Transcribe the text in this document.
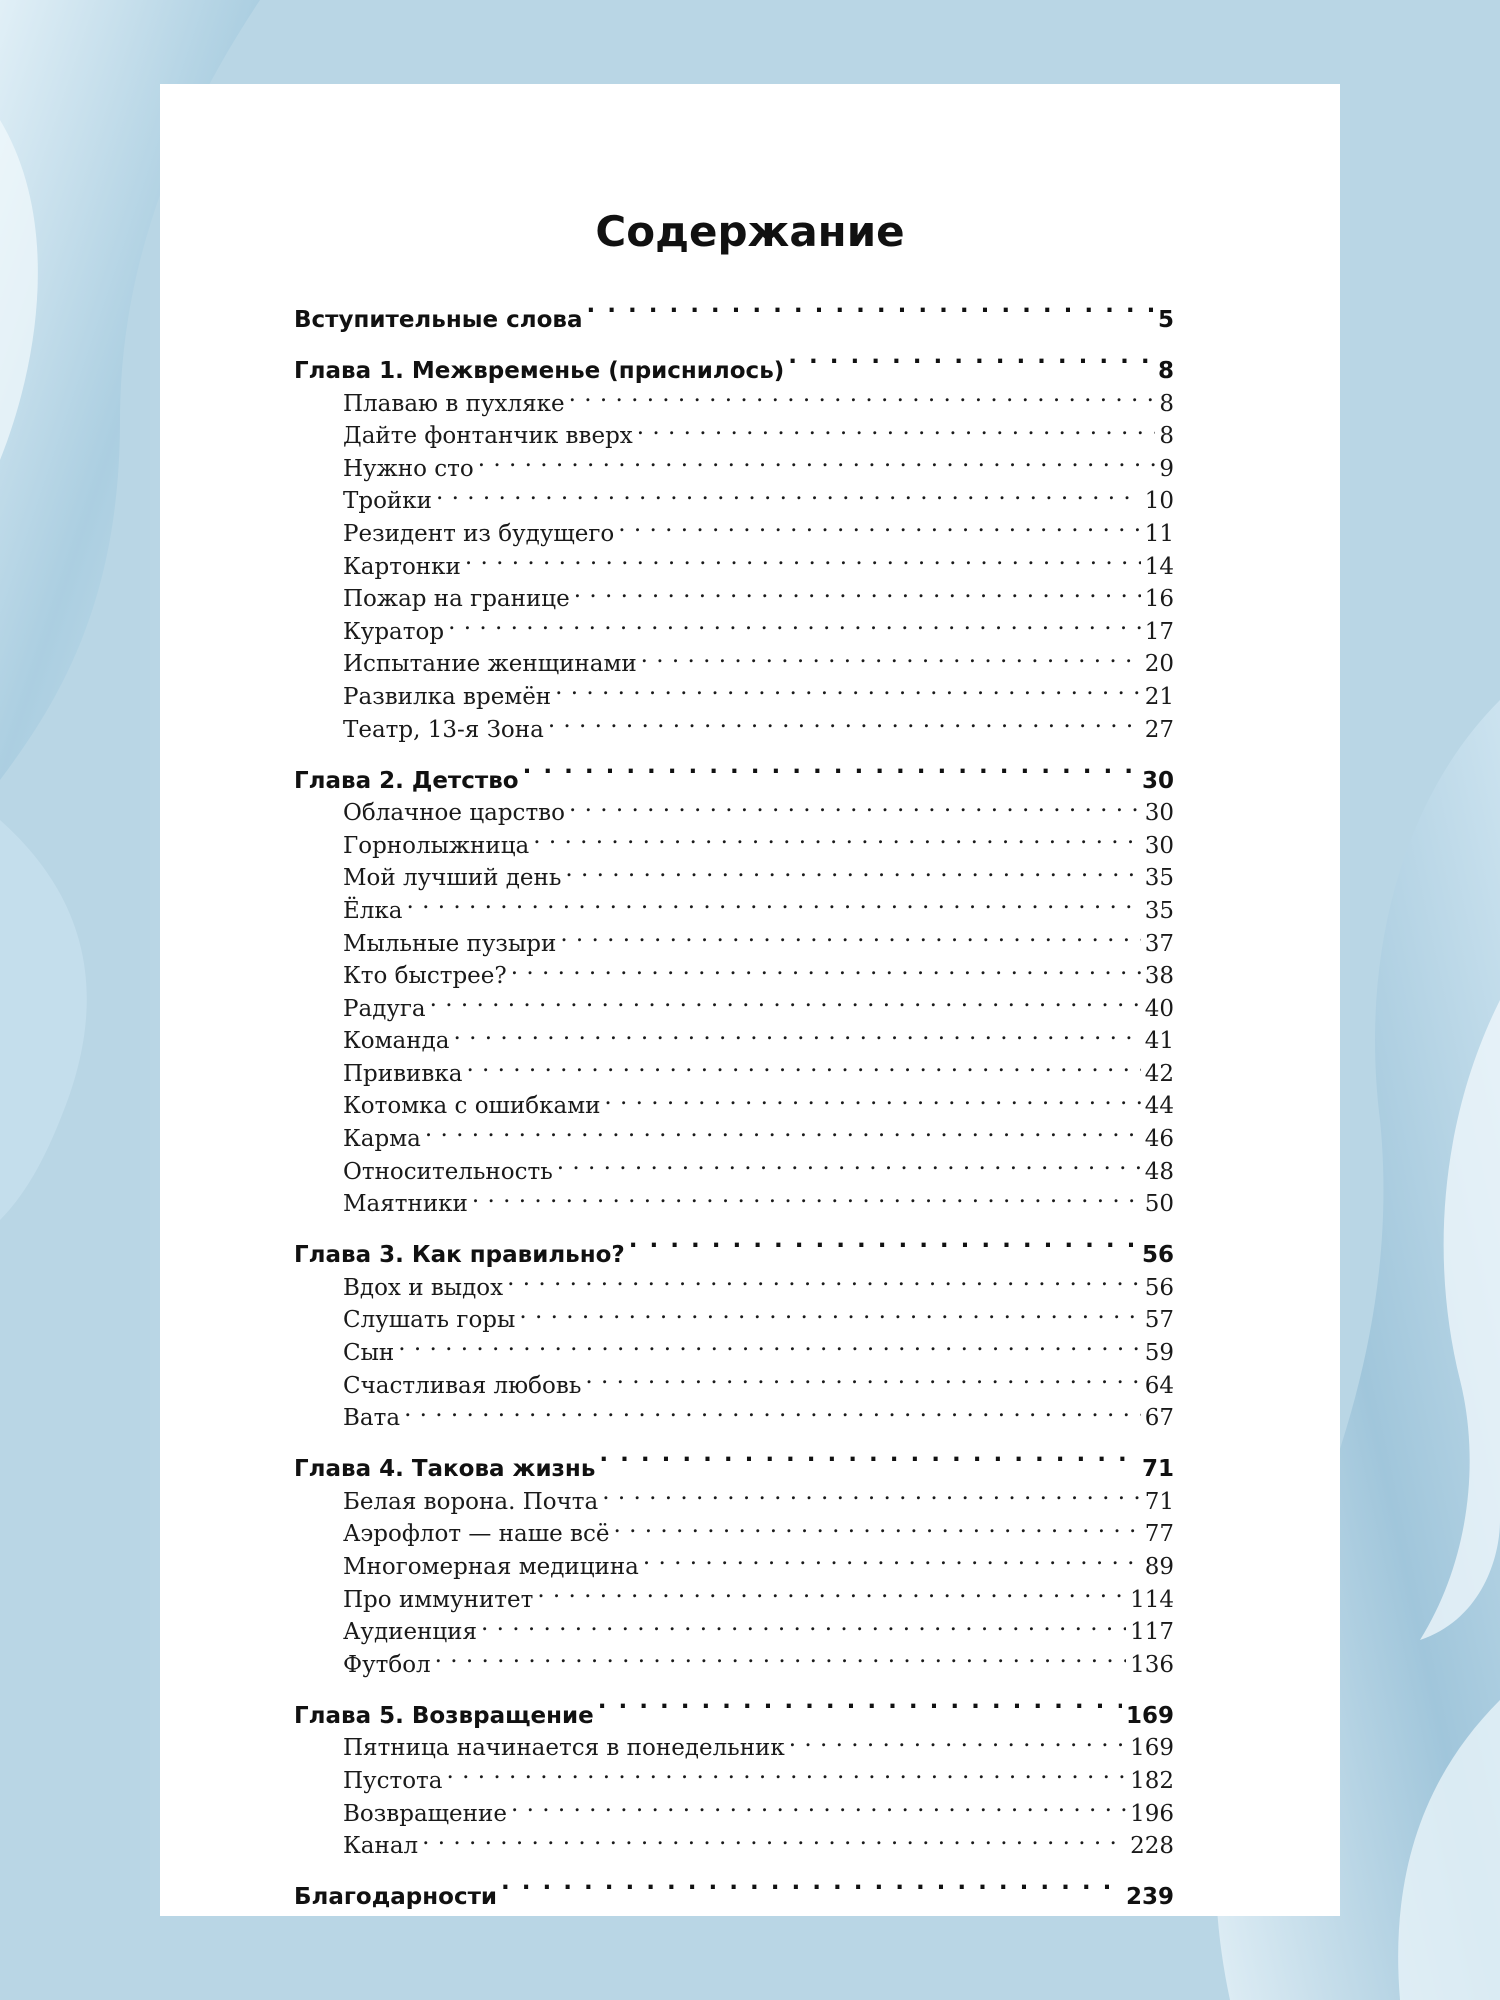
Содержание
Вступительные слова . . .	5
Глава 1. Межвременье (приснилось) . . .	8
Плаваю в пухляке . . .	8
Дайте фонтанчик вверх . . .	8
Нужно сто . . .	9
Тройки . . .	10
Резидент из будущего . . .	11
Картонки . . .	14
Пожар на границе . . .	16
Куратор . . .	17
Испытание женщинами . . .	20
Развилка времён . . .	21
Театр, 13-я Зона . . .	27
Глава 2. Детство . . .	30
Облачное царство . . .	30
Горнолыжница . . .	30
Мой лучший день . . .	35
Ёлка . . .	35
Мыльные пузыри . . .	37
Кто быстрее? . . .	38
Радуга . . .	40
Команда . . .	41
Прививка . . .	42
Котомка с ошибками . . .	44
Карма . . .	46
Относительность . . .	48
Маятники . . .	50
Глава 3. Как правильно? . . .	56
Вдох и выдох . . .	56
Слушать горы . . .	57
Сын . . .	59
Счастливая любовь . . .	64
Вата . . .	67
Глава 4. Такова жизнь . . .	71
Белая ворона. Почта . . .	71
Аэрофлот — наше всё . . .	77
Многомерная медицина . . .	89
Про иммунитет . . .	114
Аудиенция . . .	117
Футбол . . .	136
Глава 5. Возвращение . . .	169
Пятница начинается в понедельник . . .	169
Пустота . . .	182
Возвращение . . .	196
Канал . . .	228
Благодарности . . .	239
